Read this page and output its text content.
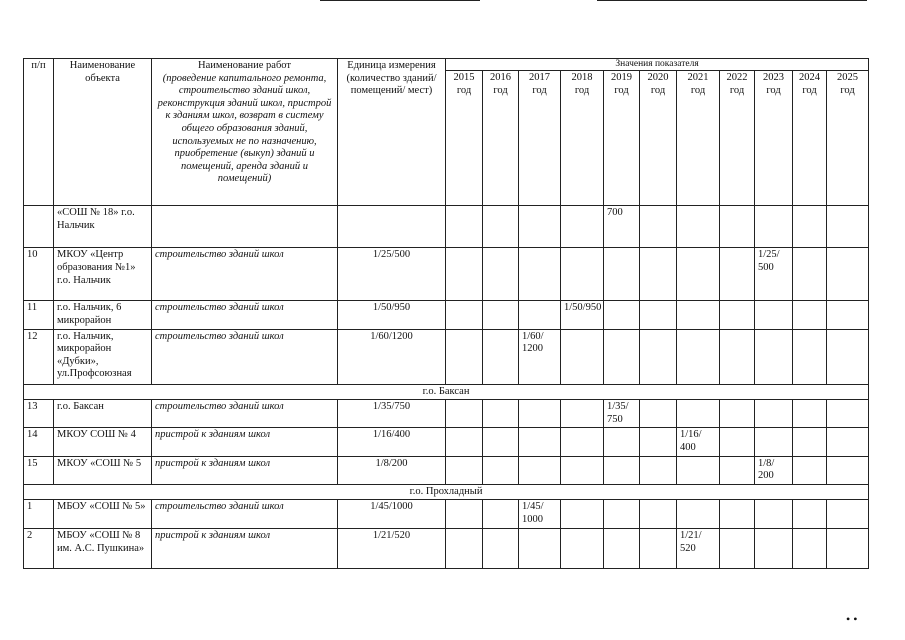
п/п	Наименование объекта	Наименование работ
(проведение капитального ремонта, строительство зданий школ, реконструкция зданий школ, пристрой к зданиям школ, возврат в систему общего образования зданий, используемых не по назначению, приобретение (выкуп) зданий и помещений, аренда зданий и помещений)	Единица измерения (количество зданий/ помещений/ мест)	Значения показателя										
				2015 год	2016 год	2017 год	2018 год	2019 год	2020 год	2021 год	2022 год	2023 год	2024 год	2025 год
	«СОШ № 18» г.о. Нальчик							700						
10	МКОУ «Центр образования №1» г.о. Нальчик	строительство зданий школ	1/25/500									1/25/ 500		
11	г.о. Нальчик, 6 микрорайон	строительство зданий школ	1/50/950				1/50/950							
12	г.о. Нальчик, микрорайон «Дубки», ул.Профсоюзная	строительство зданий школ	1/60/1200			1/60/ 1200								
г.о. Баксан														
13	г.о. Баксан	строительство зданий школ	1/35/750					1/35/ 750						
14	МКОУ СОШ № 4	пристрой к зданиям школ	1/16/400							1/16/ 400				
15	МКОУ «СОШ № 5	пристрой к зданиям школ	1/8/200									1/8/ 200		
г.о. Прохладный														
1	МБОУ «СОШ № 5»	строительство зданий школ	1/45/1000			1/45/ 1000								
2	МБОУ «СОШ № 8 им. А.С. Пушкина»	пристрой к зданиям школ	1/21/520							1/21/ 520				
• •
